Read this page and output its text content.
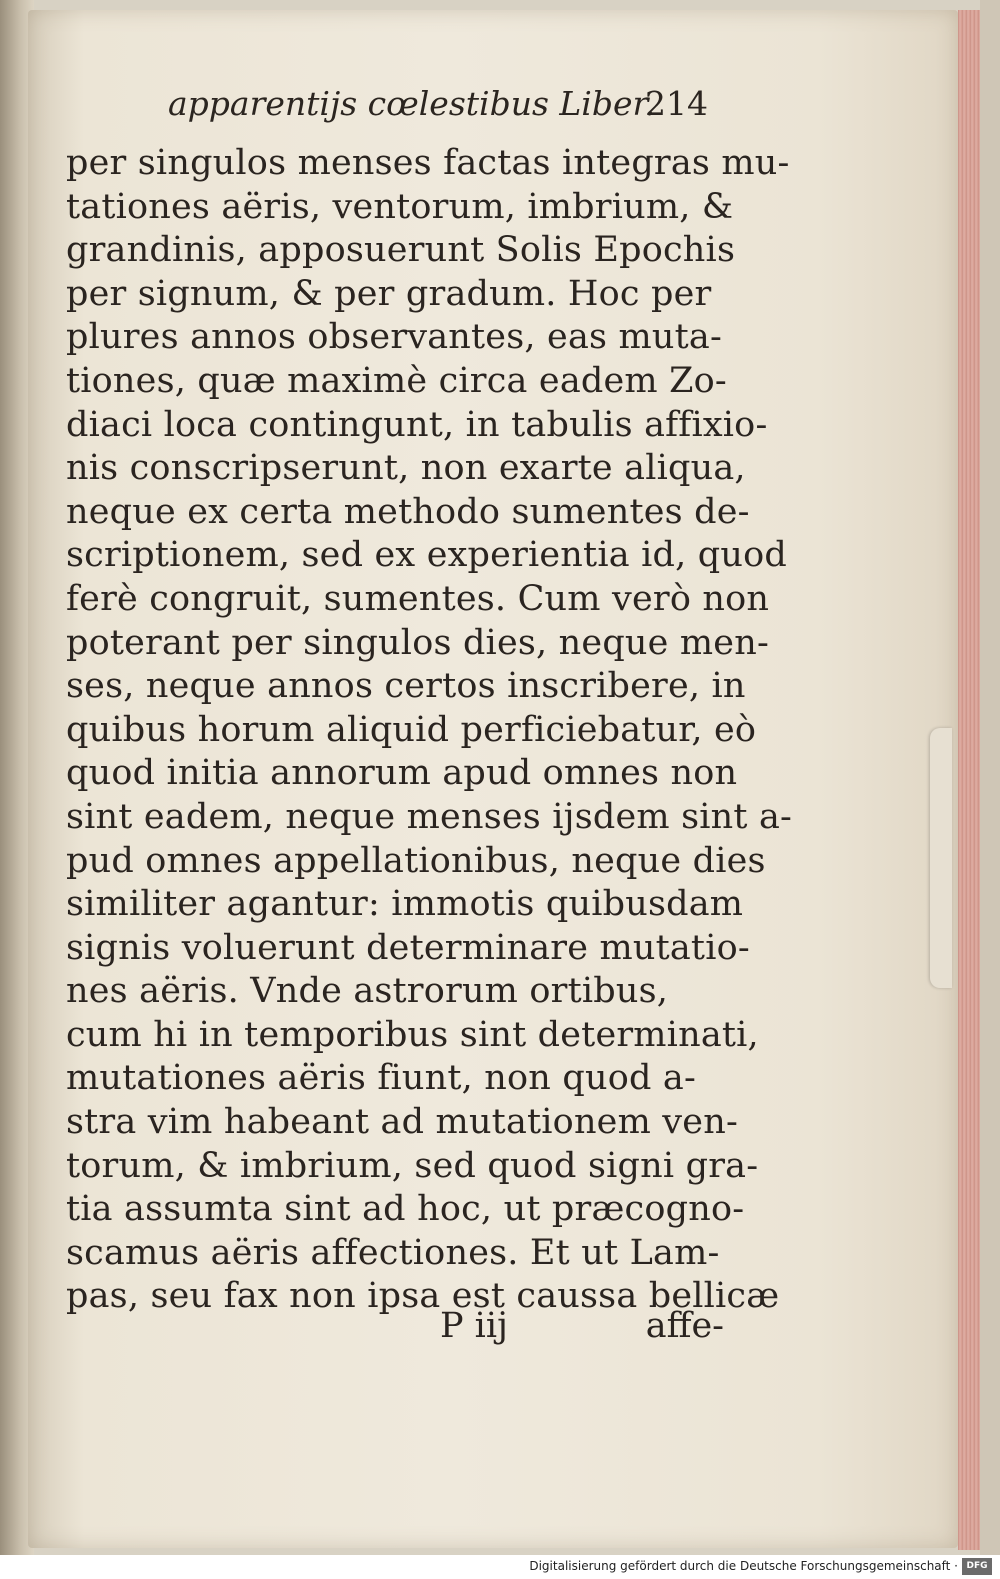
apparentijs cœlestibus Liber.
214
per singulos menses factas integras mu-
tationes aëris, ventorum, imbrium, &
grandinis, apposuerunt Solis Epochis
per signum, & per gradum. Hoc per
plures annos observantes, eas muta-
tiones, quæ maximè circa eadem Zo-
diaci loca contingunt, in tabulis affixio-
nis conscripserunt, non exarte aliqua,
neque ex certa methodo sumentes de-
scriptionem, sed ex experientia id, quod
ferè congruit, sumentes. Cum verò non
poterant per singulos dies, neque men-
ses, neque annos certos inscribere, in
quibus horum aliquid perficiebatur, eò
quod initia annorum apud omnes non
sint eadem, neque menses ijsdem sint a-
pud omnes appellationibus, neque dies
similiter agantur: immotis quibusdam
signis voluerunt determinare mutatio-
nes aëris. Vnde astrorum ortibus,
cum hi in temporibus sint determinati,
mutationes aëris fiunt, non quod a-
stra vim habeant ad mutationem ven-
torum, & imbrium, sed quod signi gra-
tia assumta sint ad hoc, ut præcogno-
scamus aëris affectiones. Et ut Lam-
pas, seu fax non ipsa est caussa bellicæ
P iij	affe-
Digitalisierung gefördert durch die Deutsche Forschungsgemeinschaft · DFG
